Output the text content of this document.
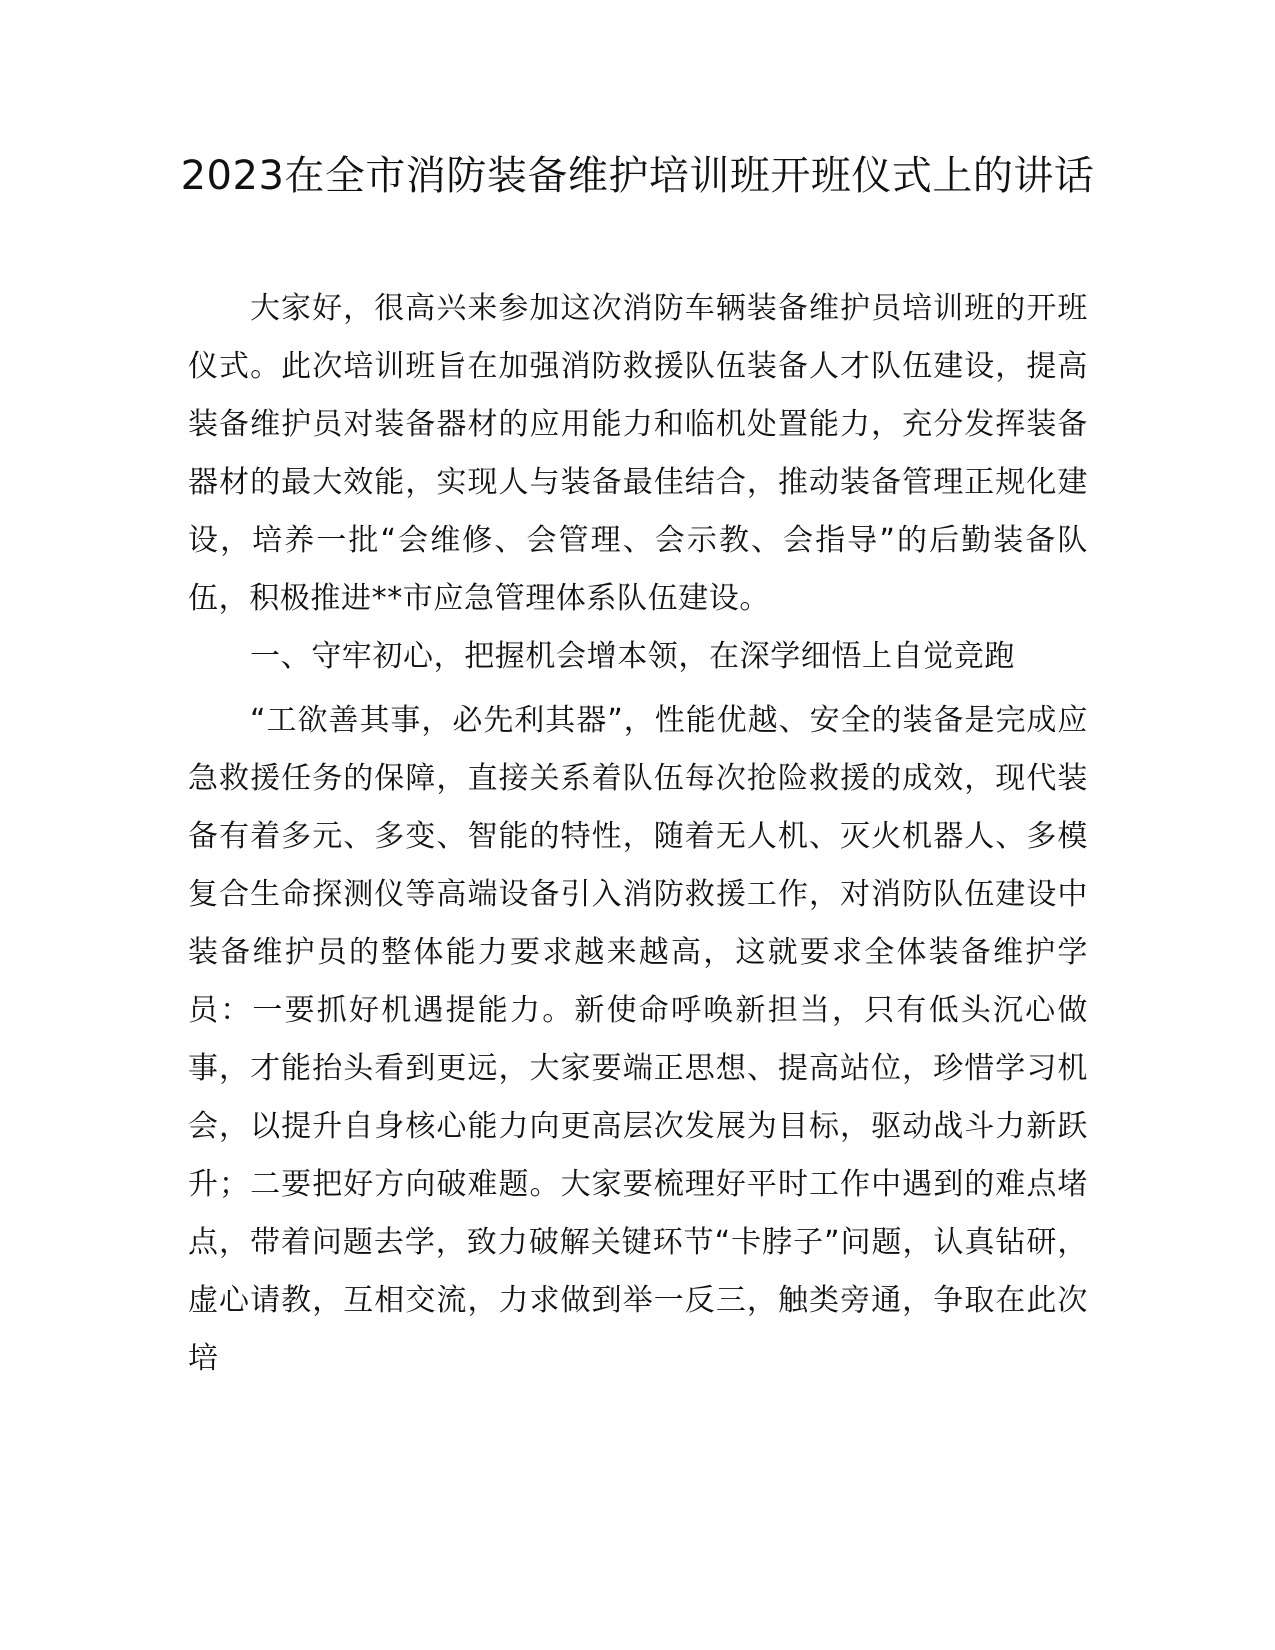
2023在全市消防装备维护培训班开班仪式上的讲话

大家好，很高兴来参加这次消防车辆装备维护员培训班的开班仪式。此次培训班旨在加强消防救援队伍装备人才队伍建设，提高装备维护员对装备器材的应用能力和临机处置能力，充分发挥装备器材的最大效能，实现人与装备最佳结合，推动装备管理正规化建设，培养一批“会维修、会管理、会示教、会指导”的后勤装备队伍，积极推进**市应急管理体系队伍建设。

一、守牢初心，把握机会增本领，在深学细悟上自觉竞跑

“工欲善其事，必先利其器”，性能优越、安全的装备是完成应急救援任务的保障，直接关系着队伍每次抢险救援的成效，现代装备有着多元、多变、智能的特性，随着无人机、灭火机器人、多模复合生命探测仪等高端设备引入消防救援工作，对消防队伍建设中装备维护员的整体能力要求越来越高，这就要求全体装备维护学员：一要抓好机遇提能力。新使命呼唤新担当，只有低头沉心做事，才能抬头看到更远，大家要端正思想、提高站位，珍惜学习机会，以提升自身核心能力向更高层次发展为目标，驱动战斗力新跃升；二要把好方向破难题。大家要梳理好平时工作中遇到的难点堵点，带着问题去学，致力破解关键环节“卡脖子”问题，认真钻研，虚心请教，互相交流，力求做到举一反三，触类旁通，争取在此次培
